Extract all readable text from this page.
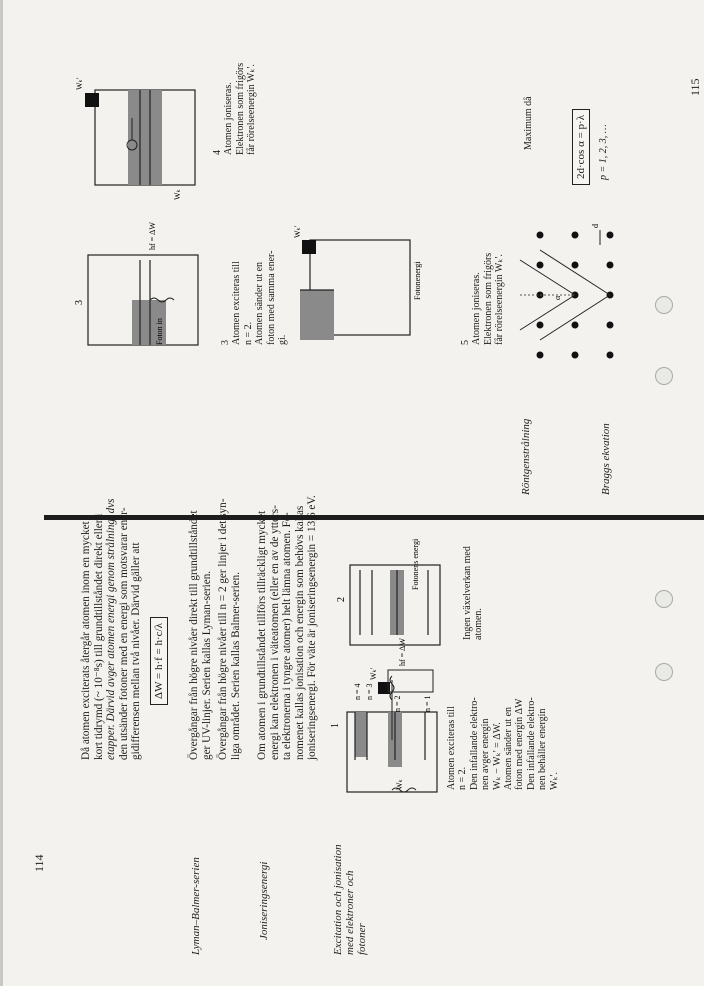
114
115
Då atomen exciterats återgår atomen inom en mycket kort tidrymd (~ 10⁻⁸s) till grundtillståndet direkt eller i etapper. Därvid avger atomen energi genom strålning, dvs den utsänder fotoner med en energi som motsvarar ener- gidifferensen mellan två nivåer. Därvid gäller att ΔW = h·f = h·c/λ
Lyman–Balmer-serien
Övergångar från högre nivåer direkt till grundtillståndet ger UV-linjer. Serien kallas Lyman-serien. Övergångar från högre nivåer till n = 2 ger linjer i det syn- liga området. Serien kallas Balmer-serien.
Joniseringsenergi
Om atomen i grundtillståndet tillförs tillräckligt mycket energi kan elektronen i väteatomen (eller en av de ytters- ta elektronerna i tyngre atomer) helt lämna atomen. Fe- nomenet kallas jonisation och energin som behövs kallas joniseringsenergi. För väte är joniseringsenergin = 13,6 eV.
Excitation och jonisation med elektroner och fotoner
1
n = 4 n = 3
n = 2	n = 1
Wₖ
Wₖ'
hf = ΔW
Atomen exciteras till n = 2. Den infallande elektro- nen avger energin Wₖ − Wₖ' = ΔW. Atomen sänder ut en foton med energin ΔW Den infallande elektro- nen behåller energin Wₖ'.
2
Fotonens energi	Ingen växelverkan med atomen.
Röntgenstrålning	Braggs ekvation
3
Foton in
hf = ΔW
3 Atomen exciteras till n = 2. Atomen sänder ut en foton med samma ener- gi.
Wₖ'
Wₖ
4 Atomen joniseras. Elektronen som frigörs får rörelseenergin Wₖ'.
Wₖ'
Fotonenergi
5 Atomen joniseras. Elektronen som frigörs får rörelseenergin Wₖ'.	α
d
Maximum då	2d·cos α = p·λ	p = 1, 2, 3, …
